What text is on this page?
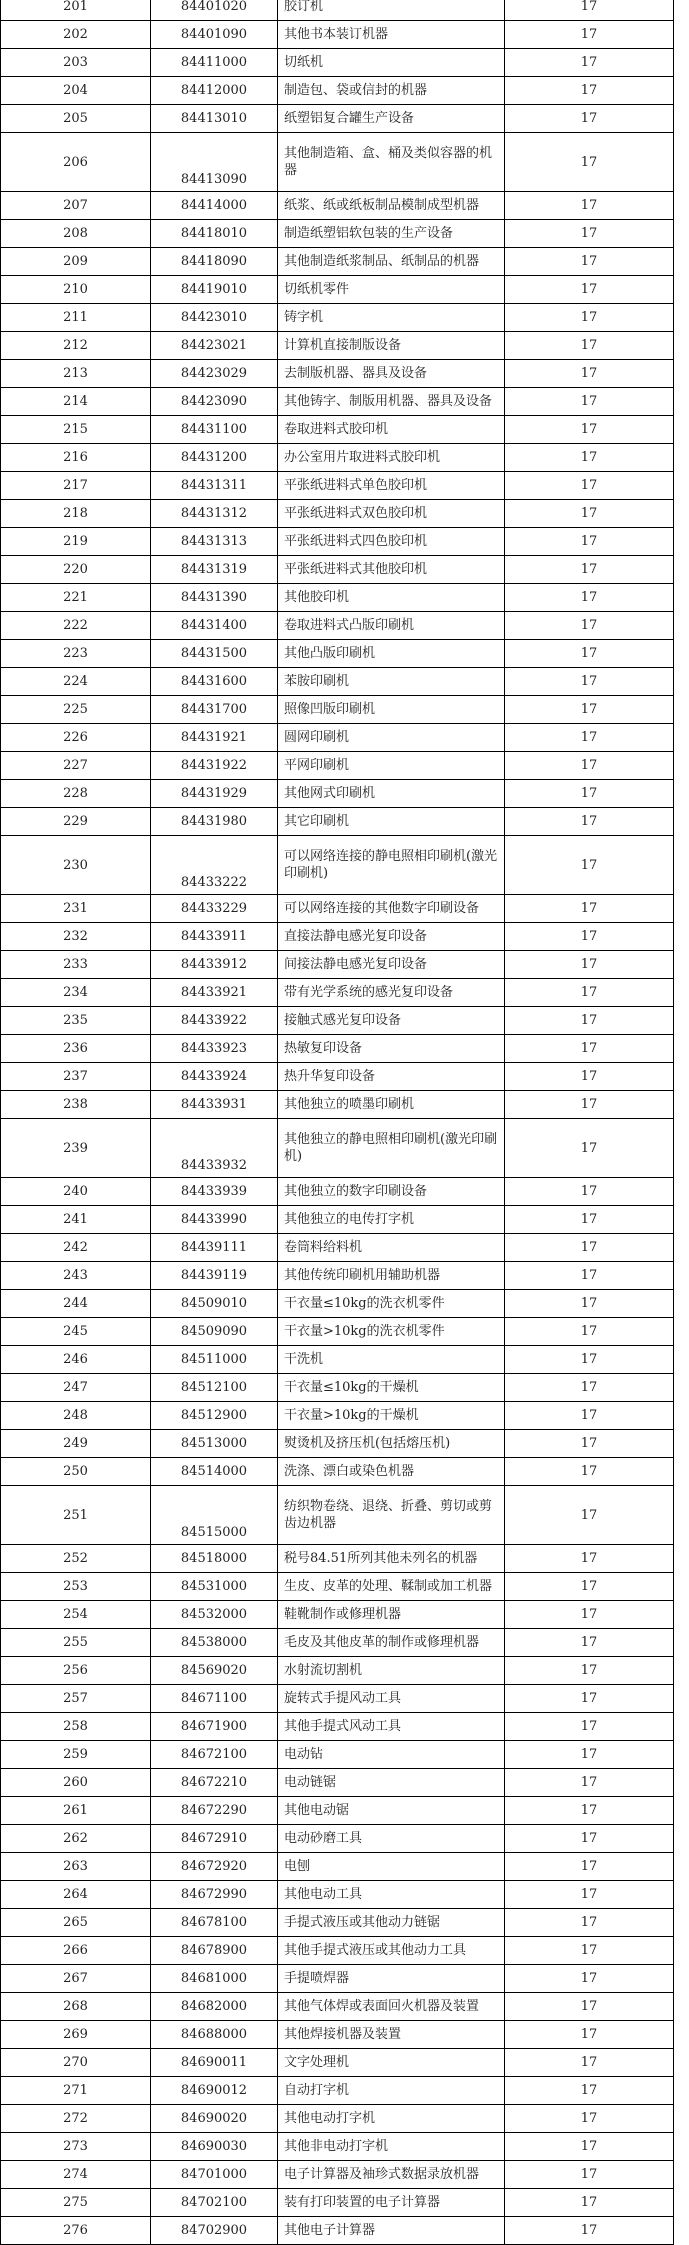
201	84401020	胶订机	17
202	84401090	其他书本装订机器	17
203	84411000	切纸机	17
204	84412000	制造包、袋或信封的机器	17
205	84413010	纸塑铝复合罐生产设备	17
206	84413090	其他制造箱、盒、桶及类似容器的机器	17
207	84414000	纸浆、纸或纸板制品模制成型机器	17
208	84418010	制造纸塑铝软包装的生产设备	17
209	84418090	其他制造纸浆制品、纸制品的机器	17
210	84419010	切纸机零件	17
211	84423010	铸字机	17
212	84423021	计算机直接制版设备	17
213	84423029	去制版机器、器具及设备	17
214	84423090	其他铸字、制版用机器、器具及设备	17
215	84431100	卷取进料式胶印机	17
216	84431200	办公室用片取进料式胶印机	17
217	84431311	平张纸进料式单色胶印机	17
218	84431312	平张纸进料式双色胶印机	17
219	84431313	平张纸进料式四色胶印机	17
220	84431319	平张纸进料式其他胶印机	17
221	84431390	其他胶印机	17
222	84431400	卷取进料式凸版印刷机	17
223	84431500	其他凸版印刷机	17
224	84431600	苯胺印刷机	17
225	84431700	照像凹版印刷机	17
226	84431921	圆网印刷机	17
227	84431922	平网印刷机	17
228	84431929	其他网式印刷机	17
229	84431980	其它印刷机	17
230	84433222	可以网络连接的静电照相印刷机(激光印刷机)	17
231	84433229	可以网络连接的其他数字印刷设备	17
232	84433911	直接法静电感光复印设备	17
233	84433912	间接法静电感光复印设备	17
234	84433921	带有光学系统的感光复印设备	17
235	84433922	接触式感光复印设备	17
236	84433923	热敏复印设备	17
237	84433924	热升华复印设备	17
238	84433931	其他独立的喷墨印刷机	17
239	84433932	其他独立的静电照相印刷机(激光印刷机)	17
240	84433939	其他独立的数字印刷设备	17
241	84433990	其他独立的电传打字机	17
242	84439111	卷筒料给料机	17
243	84439119	其他传统印刷机用辅助机器	17
244	84509010	干衣量≤10kg的洗衣机零件	17
245	84509090	干衣量>10kg的洗衣机零件	17
246	84511000	干洗机	17
247	84512100	干衣量≤10kg的干燥机	17
248	84512900	干衣量>10kg的干燥机	17
249	84513000	熨烫机及挤压机(包括熔压机)	17
250	84514000	洗涤、漂白或染色机器	17
251	84515000	纺织物卷绕、退绕、折叠、剪切或剪齿边机器	17
252	84518000	税号84.51所列其他未列名的机器	17
253	84531000	生皮、皮革的处理、鞣制或加工机器	17
254	84532000	鞋靴制作或修理机器	17
255	84538000	毛皮及其他皮革的制作或修理机器	17
256	84569020	水射流切割机	17
257	84671100	旋转式手提风动工具	17
258	84671900	其他手提式风动工具	17
259	84672100	电动钻	17
260	84672210	电动链锯	17
261	84672290	其他电动锯	17
262	84672910	电动砂磨工具	17
263	84672920	电刨	17
264	84672990	其他电动工具	17
265	84678100	手提式液压或其他动力链锯	17
266	84678900	其他手提式液压或其他动力工具	17
267	84681000	手提喷焊器	17
268	84682000	其他气体焊或表面回火机器及装置	17
269	84688000	其他焊接机器及装置	17
270	84690011	文字处理机	17
271	84690012	自动打字机	17
272	84690020	其他电动打字机	17
273	84690030	其他非电动打字机	17
274	84701000	电子计算器及袖珍式数据录放机器	17
275	84702100	装有打印装置的电子计算器	17
276	84702900	其他电子计算器	17
